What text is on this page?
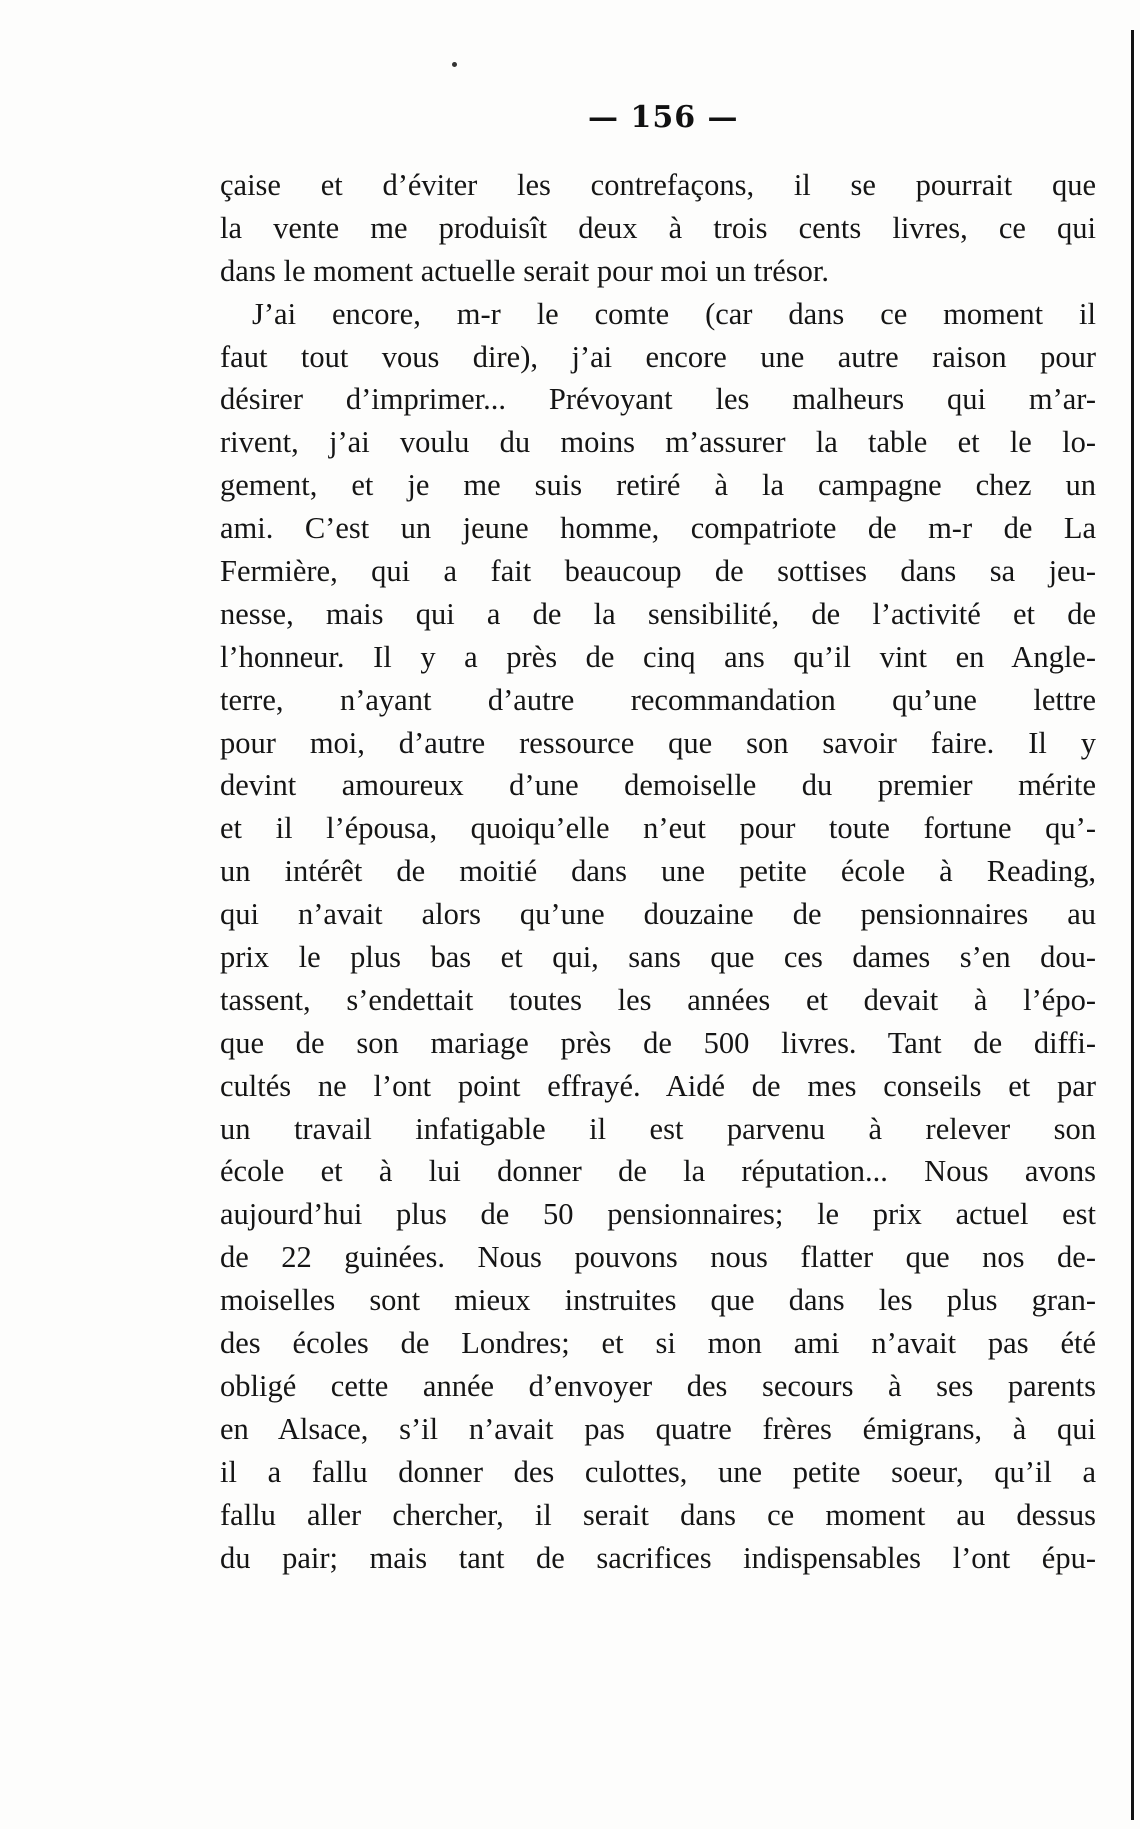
— 156 —
çaise et d’éviter les contrefaçons, il se pourrait que
la vente me produisît deux à trois cents livres, ce qui
dans le moment actuelle serait pour moi un trésor.
J’ai encore, m-r le comte (car dans ce moment il
faut tout vous dire), j’ai encore une autre raison pour
désirer d’imprimer... Prévoyant les malheurs qui m’ar-
rivent, j’ai voulu du moins m’assurer la table et le lo-
gement, et je me suis retiré à la campagne chez un
ami. C’est un jeune homme, compatriote de m-r de La
Fermière, qui a fait beaucoup de sottises dans sa jeu-
nesse, mais qui a de la sensibilité, de l’activité et de
l’honneur. Il y a près de cinq ans qu’il vint en Angle-
terre, n’ayant d’autre recommandation qu’une lettre
pour moi, d’autre ressource que son savoir faire. Il y
devint amoureux d’une demoiselle du premier mérite
et il l’épousa, quoiqu’elle n’eut pour toute fortune qu’-
un intérêt de moitié dans une petite école à Reading,
qui n’avait alors qu’une douzaine de pensionnaires au
prix le plus bas et qui, sans que ces dames s’en dou-
tassent, s’endettait toutes les années et devait à l’épo-
que de son mariage près de 500 livres. Tant de diffi-
cultés ne l’ont point effrayé. Aidé de mes conseils et par
un travail infatigable il est parvenu à relever son
école et à lui donner de la réputation... Nous avons
aujourd’hui plus de 50 pensionnaires; le prix actuel est
de 22 guinées. Nous pouvons nous flatter que nos de-
moiselles sont mieux instruites que dans les plus gran-
des écoles de Londres; et si mon ami n’avait pas été
obligé cette année d’envoyer des secours à ses parents
en Alsace, s’il n’avait pas quatre frères émigrans, à qui
il a fallu donner des culottes, une petite soeur, qu’il a
fallu aller chercher, il serait dans ce moment au dessus
du pair; mais tant de sacrifices indispensables l’ont épu-
